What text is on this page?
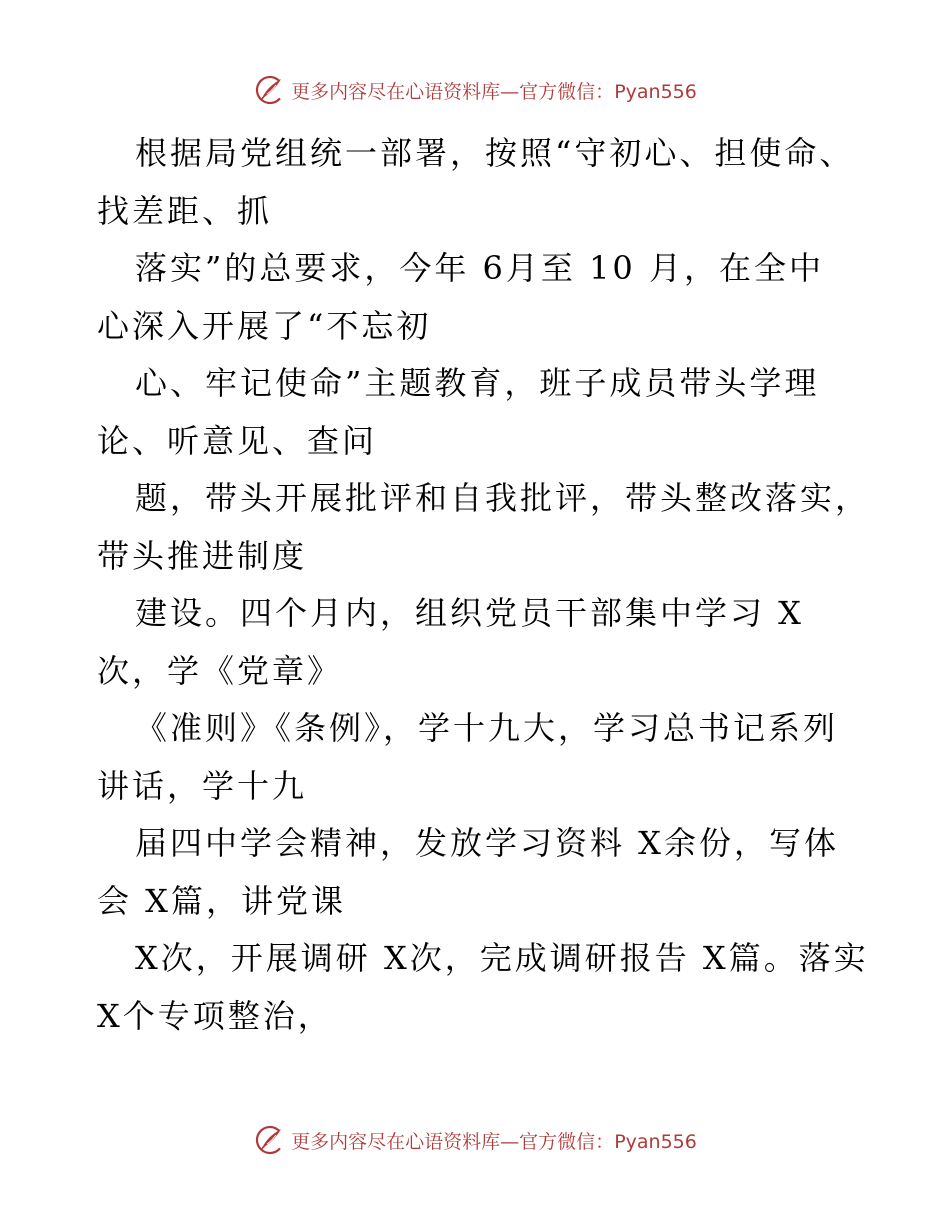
更多内容尽在心语资料库—官方微信：Pyan556
根据局党组统一部署，按照“守初心、担使命、
找差距、抓
落实”的总要求，今年 6月至 10 月，在全中
心深入开展了“不忘初
心、牢记使命”主题教育，班子成员带头学理
论、听意见、查问
题，带头开展批评和自我批评，带头整改落实，
带头推进制度
建设。四个月内，组织党员干部集中学习 X
次，学《党章》
《准则》《条例》，学十九大，学习总书记系列
讲话，学十九
届四中学会精神，发放学习资料 X余份，写体
会 X篇，讲党课
X次，开展调研 X次，完成调研报告 X篇。落实
X个专项整治，
更多内容尽在心语资料库—官方微信：Pyan556
